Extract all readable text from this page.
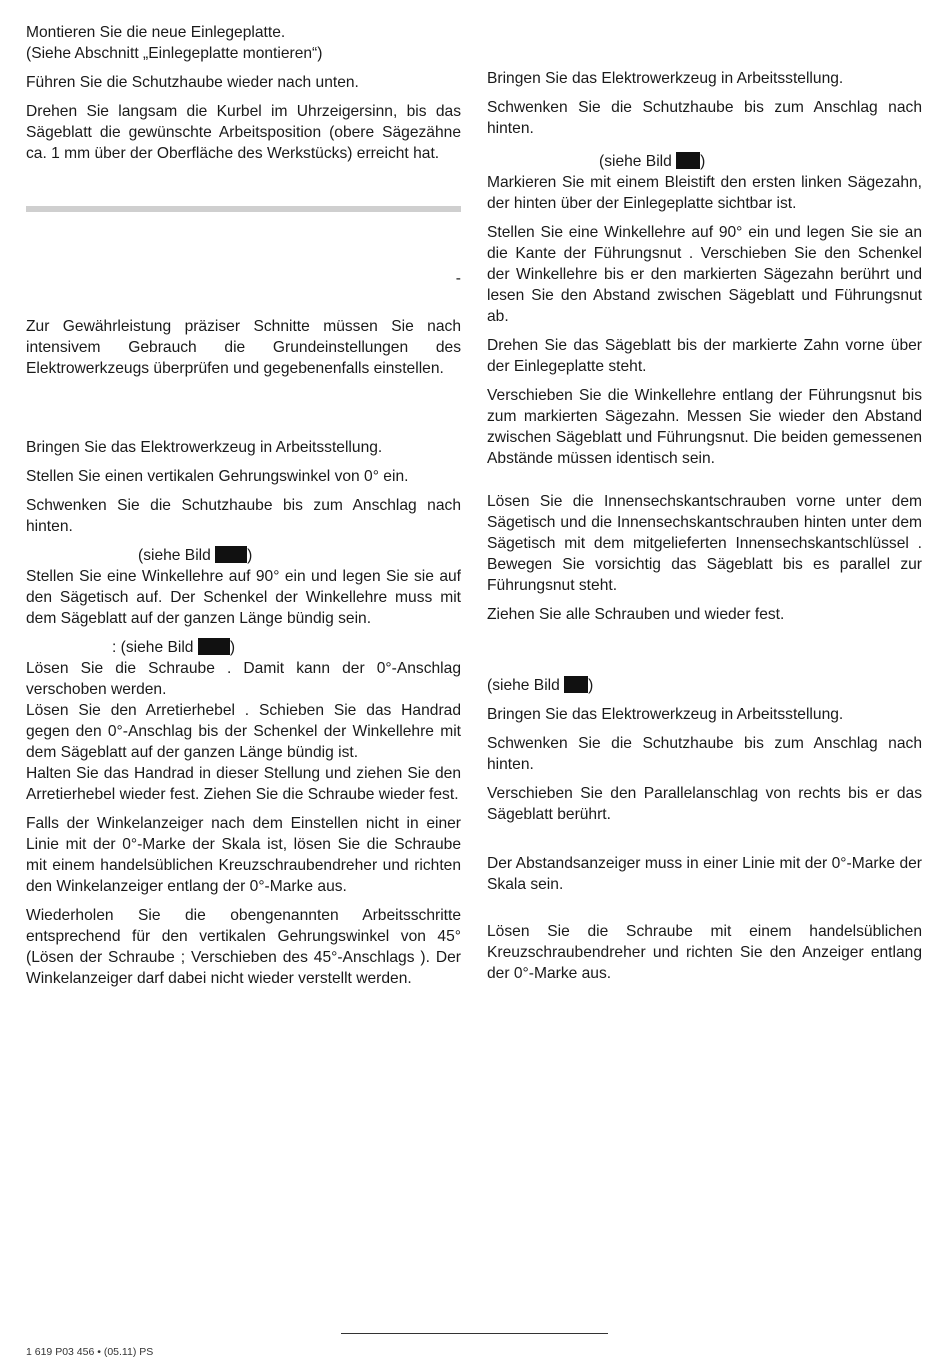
Montieren Sie die neue Einlegeplatte.
(Siehe Abschnitt „Einlegeplatte montieren“)

Führen Sie die Schutzhaube wieder nach unten.

Drehen Sie langsam die Kurbel im Uhrzeigersinn, bis das Sägeblatt die gewünschte Arbeitsposition (obere Sägezähne ca. 1 mm über der Oberfläche des Werkstücks) erreicht hat.

-

Zur Gewährleistung präziser Schnitte müssen Sie nach intensivem Gebrauch die Grundeinstellungen des Elektrowerkzeugs überprüfen und gegebenenfalls einstellen.

Bringen Sie das Elektrowerkzeug in Arbeitsstellung.

Stellen Sie einen vertikalen Gehrungswinkel von 0° ein.

Schwenken Sie die Schutzhaube bis zum Anschlag nach hinten.

(siehe Bild )

Stellen Sie eine Winkellehre auf 90° ein und legen Sie sie auf den Sägetisch auf. Der Schenkel der Winkellehre muss mit dem Sägeblatt auf der ganzen Länge bündig sein.

: (siehe Bild )

Lösen Sie die Schraube . Damit kann der 0°-Anschlag verschoben werden.

Lösen Sie den Arretierhebel . Schieben Sie das Handrad gegen den 0°-Anschlag bis der Schenkel der Winkellehre mit dem Sägeblatt auf der ganzen Länge bündig ist.

Halten Sie das Handrad in dieser Stellung und ziehen Sie den Arretierhebel wieder fest. Ziehen Sie die Schraube wieder fest.

Falls der Winkelanzeiger nach dem Einstellen nicht in einer Linie mit der 0°-Marke der Skala ist, lösen Sie die Schraube mit einem handelsüblichen Kreuzschraubendreher und richten den Winkelanzeiger entlang der 0°-Marke aus.

Wiederholen Sie die obengenannten Arbeitsschritte entsprechend für den vertikalen Gehrungswinkel von 45° (Lösen der Schraube ; Verschieben des 45°-Anschlags ). Der Winkelanzeiger darf dabei nicht wieder verstellt werden.

Bringen Sie das Elektrowerkzeug in Arbeitsstellung.

Schwenken Sie die Schutzhaube bis zum Anschlag nach hinten.

(siehe Bild )

Markieren Sie mit einem Bleistift den ersten linken Sägezahn, der hinten über der Einlegeplatte sichtbar ist.

Stellen Sie eine Winkellehre auf 90° ein und legen Sie sie an die Kante der Führungsnut . Verschieben Sie den Schenkel der Winkellehre bis er den markierten Sägezahn berührt und lesen Sie den Abstand zwischen Sägeblatt und Führungsnut ab.

Drehen Sie das Sägeblatt bis der markierte Zahn vorne über der Einlegeplatte steht.

Verschieben Sie die Winkellehre entlang der Führungsnut bis zum markierten Sägezahn. Messen Sie wieder den Abstand zwischen Sägeblatt und Führungsnut. Die beiden gemessenen Abstände müssen identisch sein.

Lösen Sie die Innensechskantschrauben vorne unter dem Sägetisch und die Innensechskantschrauben hinten unter dem Sägetisch mit dem mitgelieferten Innensechskantschlüssel . Bewegen Sie vorsichtig das Sägeblatt bis es parallel zur Führungsnut steht.

Ziehen Sie alle Schrauben und wieder fest.

(siehe Bild )

Bringen Sie das Elektrowerkzeug in Arbeitsstellung.

Schwenken Sie die Schutzhaube bis zum Anschlag nach hinten.

Verschieben Sie den Parallelanschlag von rechts bis er das Sägeblatt berührt.

Der Abstandsanzeiger muss in einer Linie mit der 0°-Marke der Skala sein.

Lösen Sie die Schraube mit einem handelsüblichen Kreuzschraubendreher und richten Sie den Anzeiger entlang der 0°-Marke aus.

1 619 P03 456 • (05.11) PS
